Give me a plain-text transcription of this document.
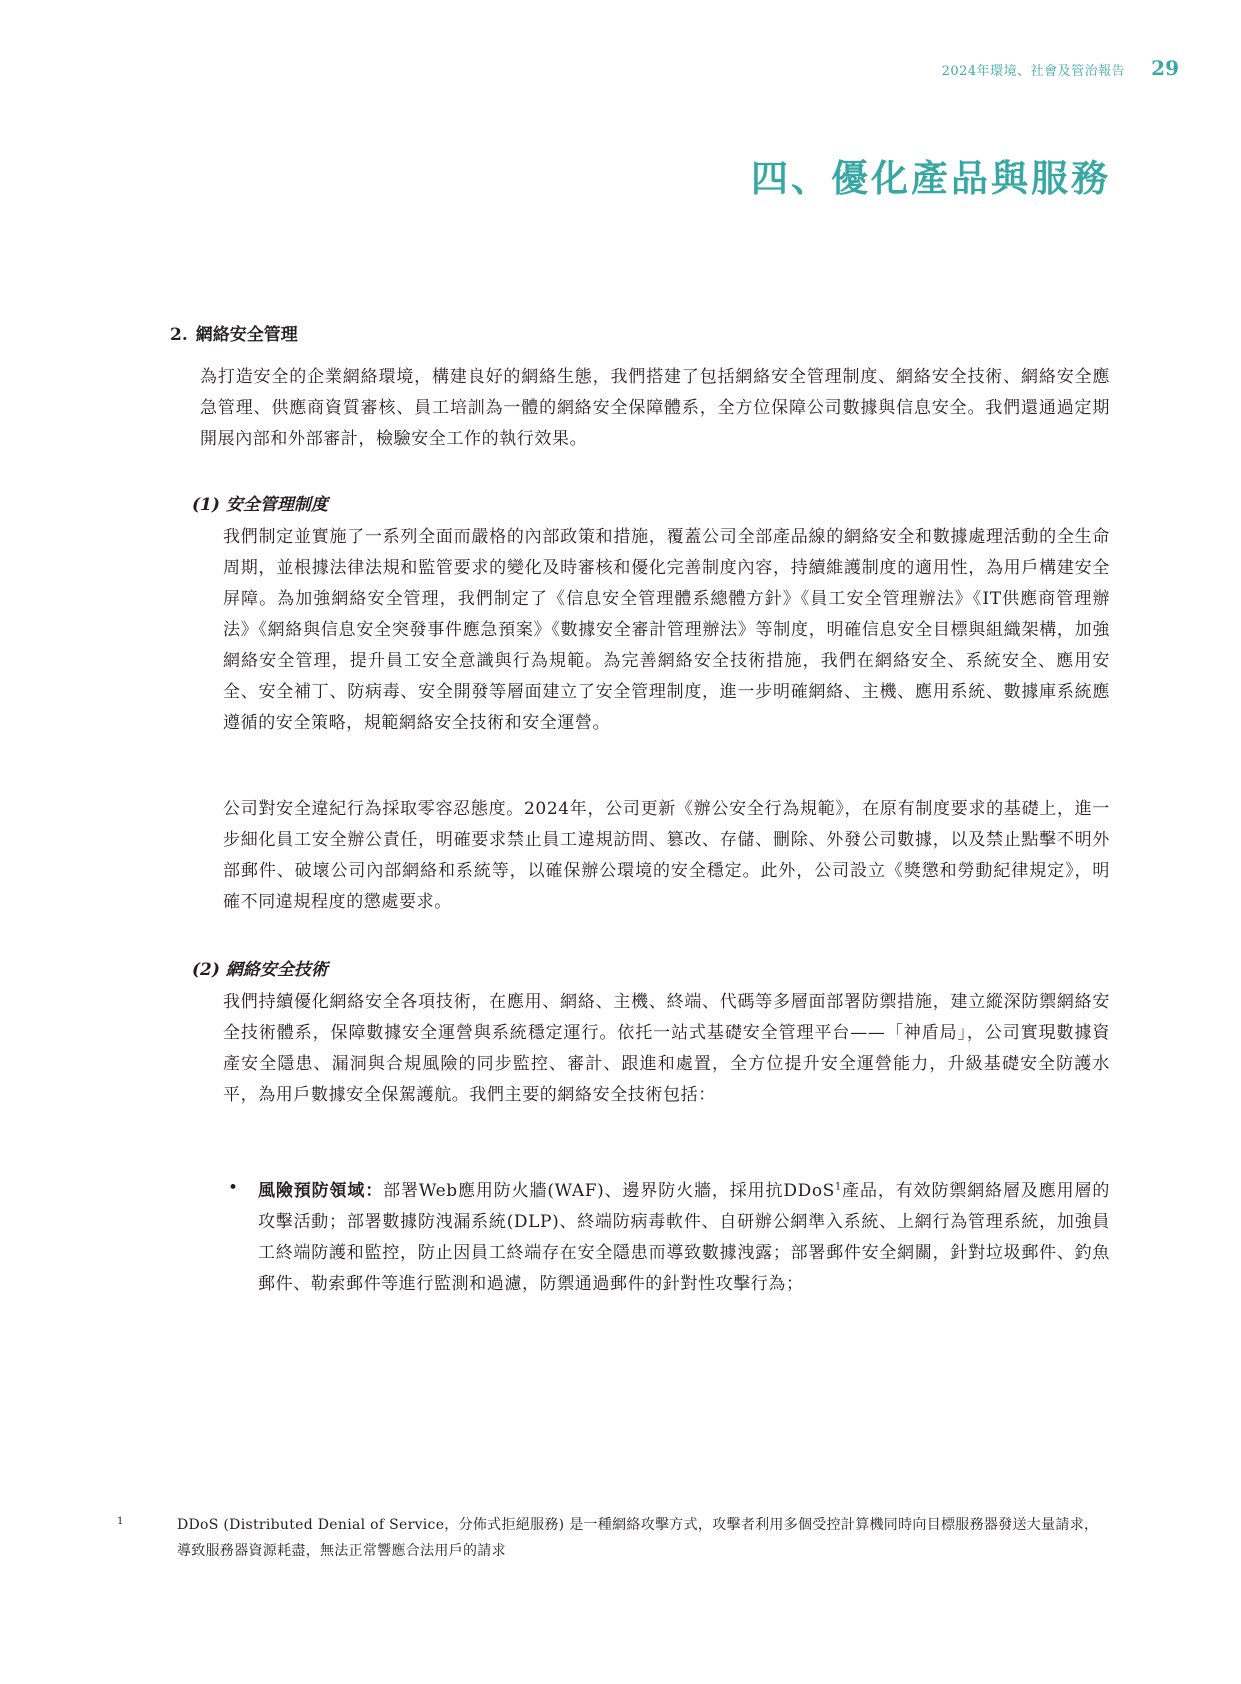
2024年環境、社會及管治報告 29
四、優化產品與服務
2. 網絡安全管理

為打造安全的企業網絡環境，構建良好的網絡生態，我們搭建了包括網絡安全管理制度、網絡安全技術、網絡安全應急管理、供應商資質審核、員工培訓為一體的網絡安全保障體系，全方位保障公司數據與信息安全。我們還通過定期開展內部和外部審計，檢驗安全工作的執行效果。

(1) 安全管理制度

我們制定並實施了一系列全面而嚴格的內部政策和措施，覆蓋公司全部產品線的網絡安全和數據處理活動的全生命周期，並根據法律法規和監管要求的變化及時審核和優化完善制度內容，持續維護制度的適用性，為用戶構建安全屏障。為加強網絡安全管理，我們制定了《信息安全管理體系總體方針》《員工安全管理辦法》《IT供應商管理辦法》《網絡與信息安全突發事件應急預案》《數據安全審計管理辦法》等制度，明確信息安全目標與組織架構，加強網絡安全管理，提升員工安全意識與行為規範。為完善網絡安全技術措施，我們在網絡安全、系統安全、應用安全、安全補丁、防病毒、安全開發等層面建立了安全管理制度，進一步明確網絡、主機、應用系統、數據庫系統應遵循的安全策略，規範網絡安全技術和安全運營。

公司對安全違紀行為採取零容忍態度。2024年，公司更新《辦公安全行為規範》，在原有制度要求的基礎上，進一步細化員工安全辦公責任，明確要求禁止員工違規訪問、篡改、存儲、刪除、外發公司數據，以及禁止點擊不明外部郵件、破壞公司內部網絡和系統等，以確保辦公環境的安全穩定。此外，公司設立《獎懲和勞動紀律規定》，明確不同違規程度的懲處要求。

(2) 網絡安全技術

我們持續優化網絡安全各項技術，在應用、網絡、主機、終端、代碼等多層面部署防禦措施，建立縱深防禦網絡安全技術體系，保障數據安全運營與系統穩定運行。依托一站式基礎安全管理平台——「神盾局」，公司實現數據資產安全隱患、漏洞與合規風險的同步監控、審計、跟進和處置，全方位提升安全運營能力，升級基礎安全防護水平，為用戶數據安全保駕護航。我們主要的網絡安全技術包括：

• 風險預防領域：部署Web應用防火牆(WAF)、邊界防火牆，採用抗DDoS$^1$產品，有效防禦網絡層及應用層的攻擊活動；部署數據防洩漏系統(DLP)、終端防病毒軟件、自研辦公網準入系統、上網行為管理系統，加強員工終端防護和監控，防止因員工終端存在安全隱患而導致數據洩露；部署郵件安全網關，針對垃圾郵件、釣魚郵件、勒索郵件等進行監測和過濾，防禦通過郵件的針對性攻擊行為；

1	DDoS (Distributed Denial of Service，分佈式拒絕服務) 是一種網絡攻擊方式，攻擊者利用多個受控計算機同時向目標服務器發送大量請求，導致服務器資源耗盡，無法正常響應合法用戶的請求
